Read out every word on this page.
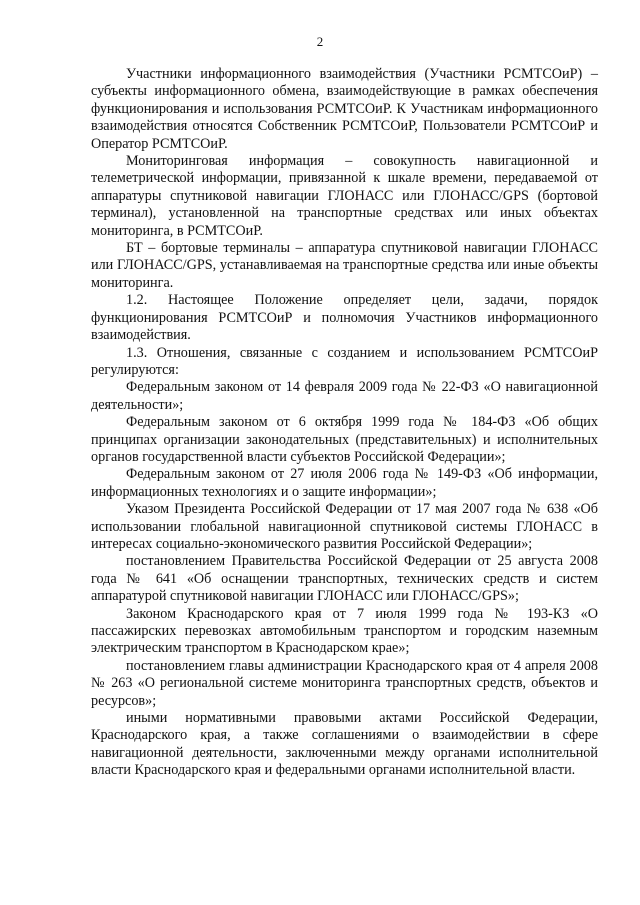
2

Участники информационного взаимодействия (Участники РСМТСОиР) – субъекты информационного обмена, взаимодействующие в рамках обеспечения функционирования и использования РСМТСОиР. К Участникам информационного взаимодействия относятся Собственник РСМТСОиР, Пользователи РСМТСОиР и Оператор РСМТСОиР.

Мониторинговая информация – совокупность навигационной и телеметрической информации, привязанной к шкале времени, передаваемой от аппаратуры спутниковой навигации ГЛОНАСС или ГЛОНАСС/GPS (бортовой терминал), установленной на транспортные средствах или иных объектах мониторинга, в РСМТСОиР.

БТ – бортовые терминалы – аппаратура спутниковой навигации ГЛОНАСС или ГЛОНАСС/GPS, устанавливаемая на транспортные средства или иные объекты мониторинга.

1.2. Настоящее Положение определяет цели, задачи, порядок функционирования РСМТСОиР и полномочия Участников информационного взаимодействия.

1.3. Отношения, связанные с созданием и использованием РСМТСОиР регулируются:

Федеральным законом от 14 февраля 2009 года № 22-ФЗ «О навигационной деятельности»;

Федеральным законом от 6 октября 1999 года № 184-ФЗ «Об общих принципах организации законодательных (представительных) и исполнительных органов государственной власти субъектов Российской Федерации»;

Федеральным законом от 27 июля 2006 года № 149-ФЗ «Об информации, информационных технологиях и о защите информации»;

Указом Президента Российской Федерации от 17 мая 2007 года № 638 «Об использовании глобальной навигационной спутниковой системы ГЛОНАСС в интересах социально-экономического развития Российской Федерации»;

постановлением Правительства Российской Федерации от 25 августа 2008 года № 641 «Об оснащении транспортных, технических средств и систем аппаратурой спутниковой навигации ГЛОНАСС или ГЛОНАСС/GPS»;

Законом Краснодарского края от 7 июля 1999 года № 193-КЗ «О пассажирских перевозках автомобильным транспортом и городским наземным электрическим транспортом в Краснодарском крае»;

постановлением главы администрации Краснодарского края от 4 апреля 2008 № 263 «О региональной системе мониторинга транспортных средств, объектов и ресурсов»;

иными нормативными правовыми актами Российской Федерации, Краснодарского края, а также соглашениями о взаимодействии в сфере навигационной деятельности, заключенными между органами исполнительной власти Краснодарского края и федеральными органами исполнительной власти.
